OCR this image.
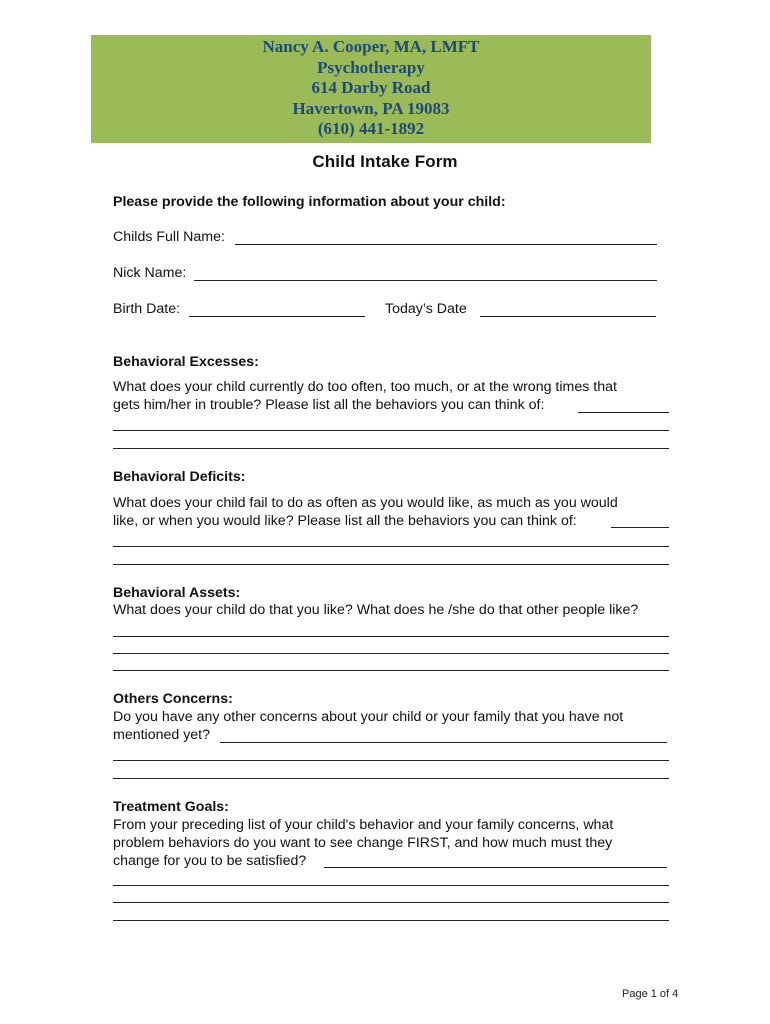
Nancy A. Cooper, MA, LMFT
Psychotherapy
614 Darby Road
Havertown, PA 19083
(610) 441-1892
Child Intake Form
Please provide the following information about your child:
Childs Full Name:
Nick Name:
Birth Date:	Today’s Date
Behavioral Excesses:
What does your child currently do too often, too much, or at the wrong times that
gets him/her in trouble? Please list all the behaviors you can think of:
Behavioral Deficits:
What does your child fail to do as often as you would like, as much as you would
like, or when you would like? Please list all the behaviors you can think of:
Behavioral Assets:
What does your child do that you like? What does he /she do that other people like?
Others Concerns:
Do you have any other concerns about your child or your family that you have not
mentioned yet?
Treatment Goals:
From your preceding list of your child's behavior and your family concerns, what
problem behaviors do you want to see change FIRST, and how much must they
change for you to be satisfied?
Page 1 of 4
